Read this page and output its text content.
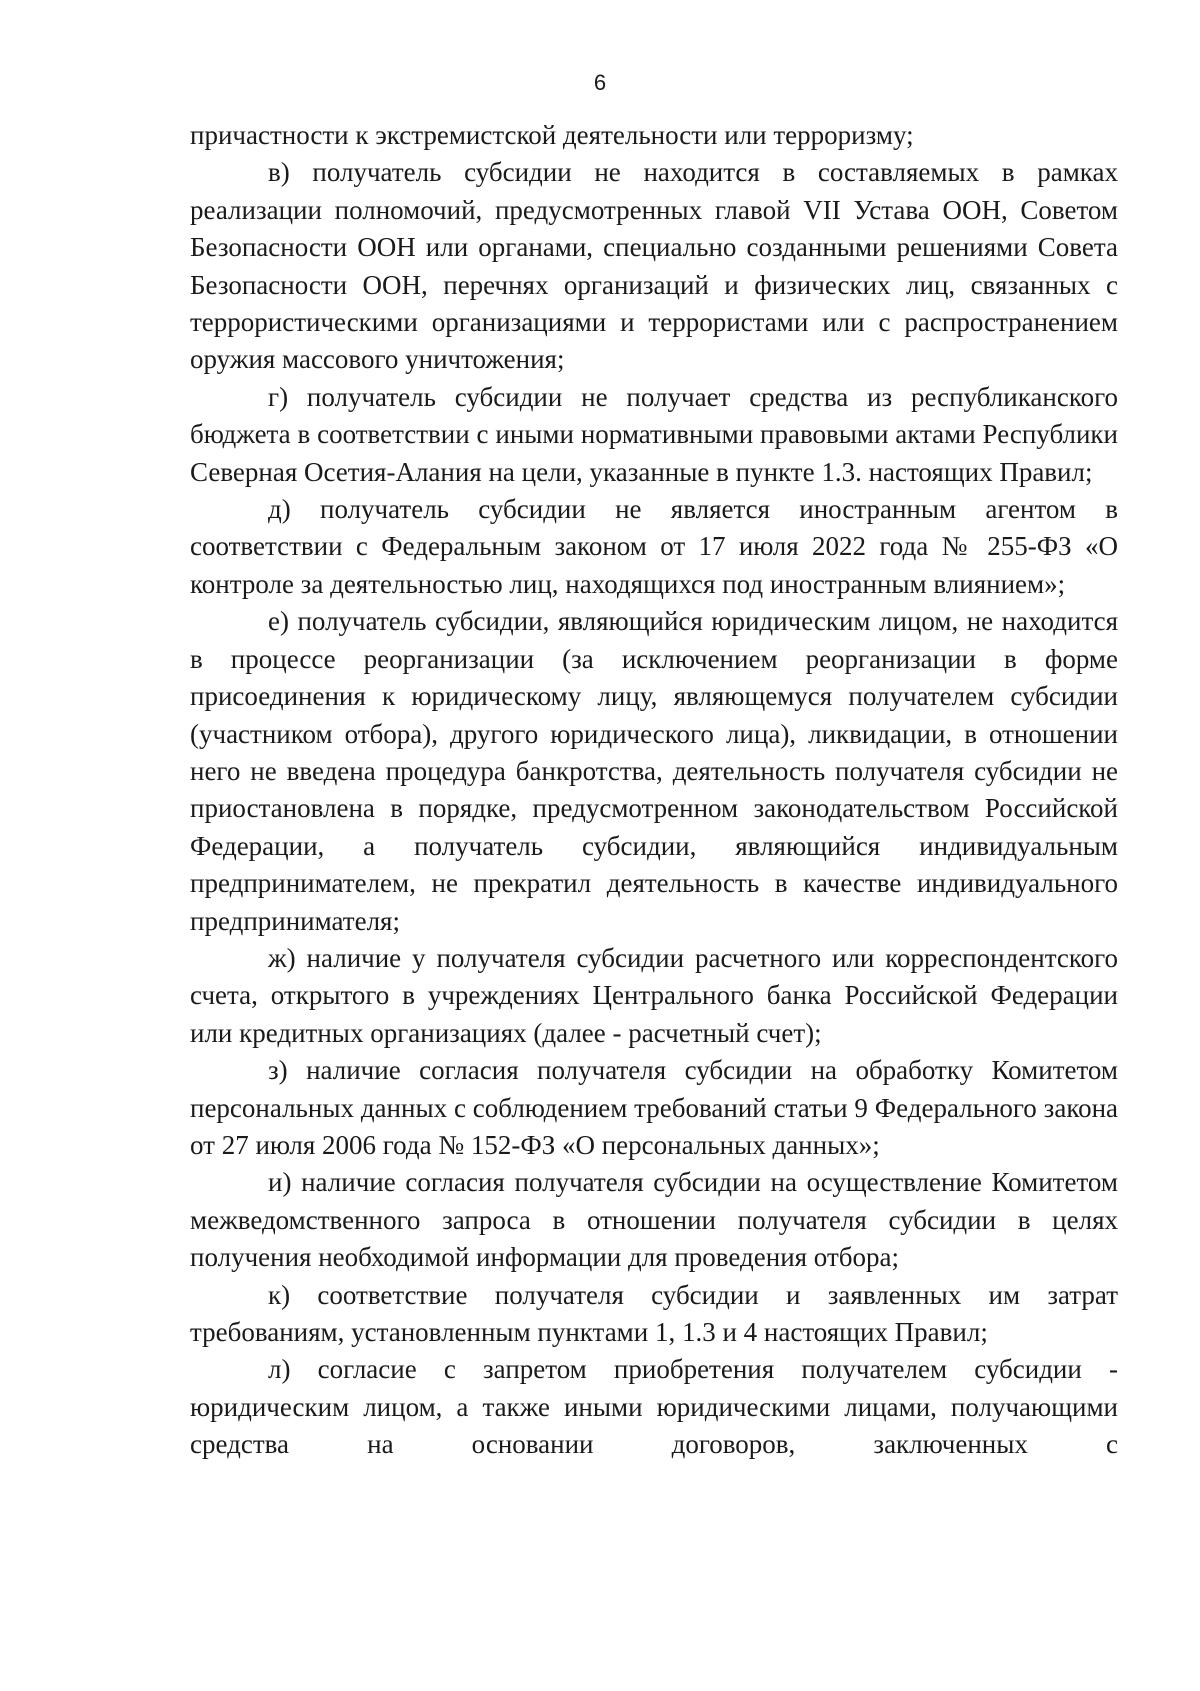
6

причастности к экстремистской деятельности или терроризму;

в) получатель субсидии не находится в составляемых в рамках реализации полномочий, предусмотренных главой VII Устава ООН, Советом Безопасности ООН или органами, специально созданными решениями Совета Безопасности ООН, перечнях организаций и физических лиц, связанных с террористическими организациями и террористами или с распространением оружия массового уничтожения;

г) получатель субсидии не получает средства из республиканского бюджета в соответствии с иными нормативными правовыми актами Республики Северная Осетия-Алания на цели, указанные в пункте 1.3. настоящих Правил;

д) получатель субсидии не является иностранным агентом в соответствии с Федеральным законом от 17 июля 2022 года № 255-ФЗ «О контроле за деятельностью лиц, находящихся под иностранным влиянием»;

е) получатель субсидии, являющийся юридическим лицом, не находится в процессе реорганизации (за исключением реорганизации в форме присоединения к юридическому лицу, являющемуся получателем субсидии (участником отбора), другого юридического лица), ликвидации, в отношении него не введена процедура банкротства, деятельность получателя субсидии не приостановлена в порядке, предусмотренном законодательством Российской Федерации, а получатель субсидии, являющийся индивидуальным предпринимателем, не прекратил деятельность в качестве индивидуального предпринимателя;

ж) наличие у получателя субсидии расчетного или корреспондентского счета, открытого в учреждениях Центрального банка Российской Федерации или кредитных организациях (далее - расчетный счет);

з) наличие согласия получателя субсидии на обработку Комитетом персональных данных с соблюдением требований статьи 9 Федерального закона от 27 июля 2006 года № 152-ФЗ «О персональных данных»;

и) наличие согласия получателя субсидии на осуществление Комитетом межведомственного запроса в отношении получателя субсидии в целях получения необходимой информации для проведения отбора;

к) соответствие получателя субсидии и заявленных им затрат требованиям, установленным пунктами 1, 1.3 и 4 настоящих Правил;

л) согласие с запретом приобретения получателем субсидии - юридическим лицом, а также иными юридическими лицами, получающими средства на основании договоров, заключенных с
